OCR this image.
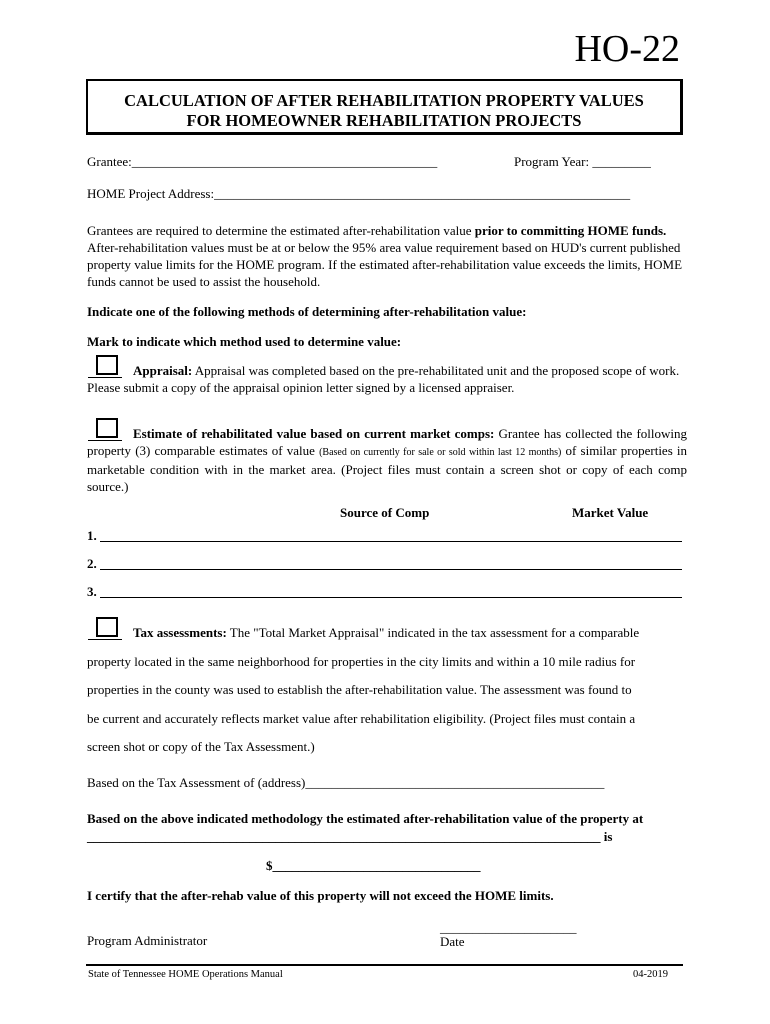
HO-22
CALCULATION OF AFTER REHABILITATION PROPERTY VALUES
FOR HOMEOWNER REHABILITATION PROJECTS
Grantee:_______________________________________________	Program Year: _________
HOME Project Address:________________________________________________________________
Grantees are required to determine the estimated after-rehabilitation value prior to committing HOME funds. After-rehabilitation values must be at or below the 95% area value requirement based on HUD's current published property value limits for the HOME program. If the estimated after-rehabilitation value exceeds the limits, HOME funds cannot be used to assist the household.
Indicate one of the following methods of determining after-rehabilitation value:
Mark to indicate which method used to determine value:
Appraisal: Appraisal was completed based on the pre-rehabilitated unit and the proposed scope of work. Please submit a copy of the appraisal opinion letter signed by a licensed appraiser.
Estimate of rehabilitated value based on current market comps: Grantee has collected the following property (3) comparable estimates of value (Based on currently for sale or sold within last 12 months) of similar properties in marketable condition with in the market area. (Project files must contain a screen shot or copy of each comp source.)
Source of Comp	Market Value
1.
2.
3.
Tax assessments: The "Total Market Appraisal" indicated in the tax assessment for a comparable
property located in the same neighborhood for properties in the city limits and within a 10 mile radius for
properties in the county was used to establish the after-rehabilitation value. The assessment was found to
be current and accurately reflects market value after rehabilitation eligibility. (Project files must contain a
screen shot or copy of the Tax Assessment.)
Based on the Tax Assessment of (address)______________________________________________
Based on the above indicated methodology the estimated after-rehabilitation value of the property at
_______________________________________________________________________________ is
$________________________________
I certify that the after-rehab value of this property will not exceed the HOME limits.
_____________________
Program Administrator	Date
State of Tennessee HOME Operations Manual	04-2019
